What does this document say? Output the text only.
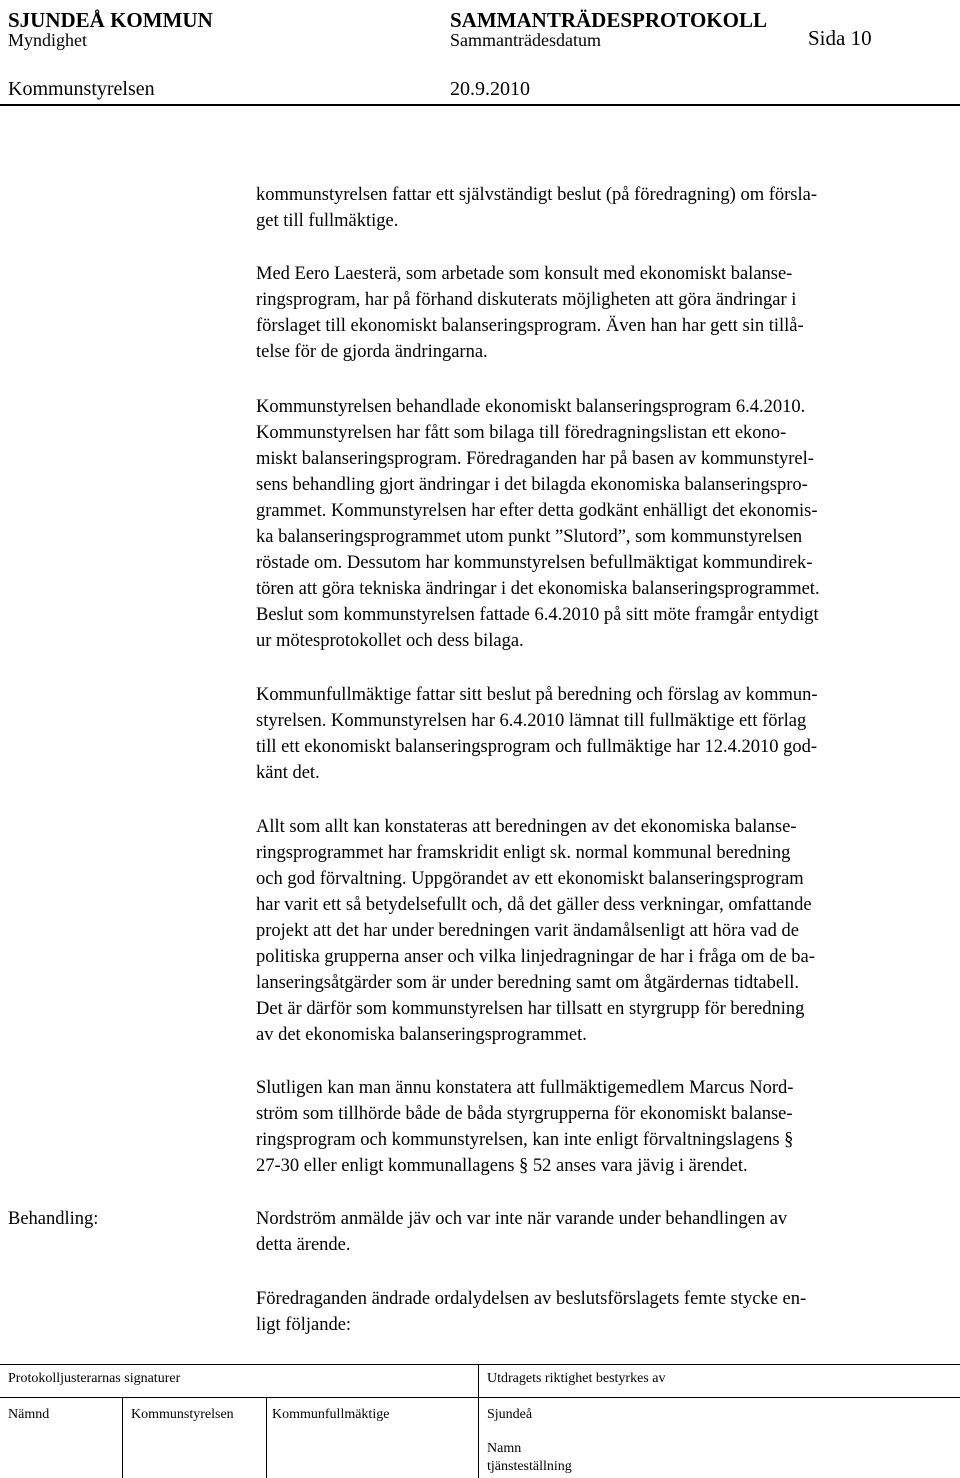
SJUNDEÅ KOMMUN	SAMMANTRÄDESPROTOKOLL
Myndighet	Sammanträdesdatum	Sida 10
Kommunstyrelsen	20.9.2010
kommunstyrelsen fattar ett självständigt beslut (på föredragning) om försla-
get till fullmäktige.
Med Eero Laesterä, som arbetade som konsult med ekonomiskt balanse-
ringsprogram, har på förhand diskuterats möjligheten att göra ändringar i
förslaget till ekonomiskt balanseringsprogram. Även han har gett sin tillå-
telse för de gjorda ändringarna.
Kommunstyrelsen behandlade ekonomiskt balanseringsprogram 6.4.2010.
Kommunstyrelsen har fått som bilaga till föredragningslistan ett ekono-
miskt balanseringsprogram. Föredraganden har på basen av kommunstyrel-
sens behandling gjort ändringar i det bilagda ekonomiska balanseringspro-
grammet. Kommunstyrelsen har efter detta godkänt enhälligt det ekonomis-
ka balanseringsprogrammet utom punkt ”Slutord”, som kommunstyrelsen
röstade om. Dessutom har kommunstyrelsen befullmäktigat kommundirek-
tören att göra tekniska ändringar i det ekonomiska balanseringsprogrammet.
Beslut som kommunstyrelsen fattade 6.4.2010 på sitt möte framgår entydigt
ur mötesprotokollet och dess bilaga.
Kommunfullmäktige fattar sitt beslut på beredning och förslag av kommun-
styrelsen. Kommunstyrelsen har 6.4.2010 lämnat till fullmäktige ett förlag
till ett ekonomiskt balanseringsprogram och fullmäktige har 12.4.2010 god-
känt det.
Allt som allt kan konstateras att beredningen av det ekonomiska balanse-
ringsprogrammet har framskridit enligt sk. normal kommunal beredning
och god förvaltning. Uppgörandet av ett ekonomiskt balanseringsprogram
har varit ett så betydelsefullt och, då det gäller dess verkningar, omfattande
projekt att det har under beredningen varit ändamålsenligt att höra vad de
politiska grupperna anser och vilka linjedragningar de har i fråga om de ba-
lanseringsåtgärder som är under beredning samt om åtgärdernas tidtabell.
Det är därför som kommunstyrelsen har tillsatt en styrgrupp för beredning
av det ekonomiska balanseringsprogrammet.
Slutligen kan man ännu konstatera att fullmäktigemedlem Marcus Nord-
ström som tillhörde både de båda styrgrupperna för ekonomiskt balanse-
ringsprogram och kommunstyrelsen, kan inte enligt förvaltningslagens §
27-30 eller enligt kommunallagens § 52 anses vara jävig i ärendet.
Behandling:	Nordström anmälde jäv och var inte när varande under behandlingen av
detta ärende.
Föredraganden ändrade ordalydelsen av beslutsförslagets femte stycke en-
ligt följande:
Protokolljusterarnas signaturer	Utdragets riktighet bestyrkes av
Nämnd	Kommunstyrelsen	Kommunfullmäktige	Sjundeå
Namn
tjänsteställning
